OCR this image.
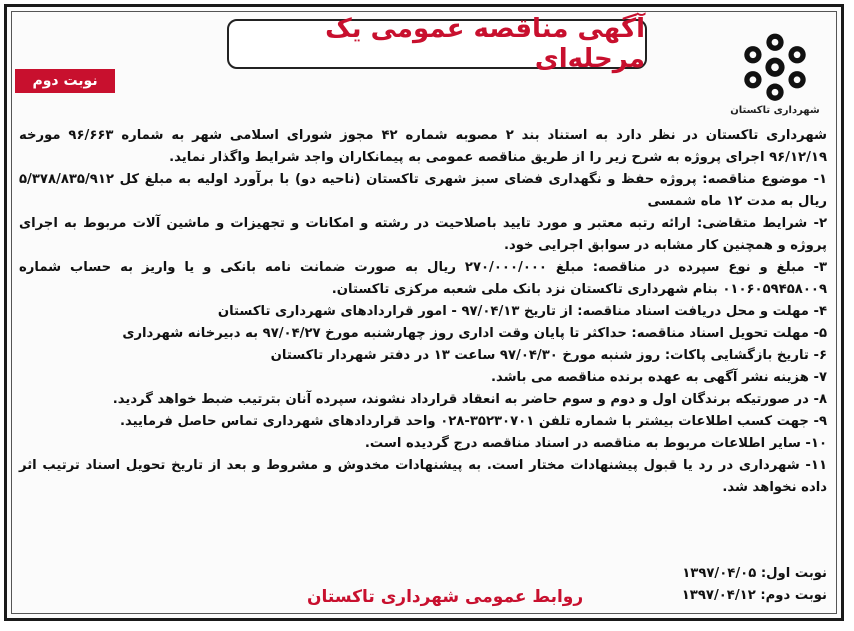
آگهی مناقصه عمومی یک مرحله‌ای
نوبت دوم
شهرداری تاکستان

شهرداری تاکستان در نظر دارد به استناد بند ۲ مصوبه شماره ۴۲ مجوز شورای اسلامی شهر به شماره ۹۶/۶۶۳ مورخه ۹۶/۱۲/۱۹ اجرای پروژه به شرح زیر را از طریق مناقصه عمومی به پیمانکاران واجد شرایط واگذار نماید.

۱- موضوع مناقصه: پروژه حفظ و نگهداری فضای سبز شهری تاکستان (ناحیه دو) با برآورد اولیه به مبلغ کل ۵/۳۷۸/۸۳۵/۹۱۲ ریال به مدت ۱۲ ماه شمسی

۲- شرایط متقاضی: ارائه رتبه معتبر و مورد تایید باصلاحیت در رشته و امکانات و تجهیزات و ماشین آلات مربوط به اجرای پروژه و همچنین کار مشابه در سوابق اجرایی خود.

۳- مبلغ و نوع سپرده در مناقصه: مبلغ ۲۷۰/۰۰۰/۰۰۰ ریال به صورت ضمانت نامه بانکی و یا واریز به حساب شماره ۰۱۰۶۰۵۹۴۵۸۰۰۹ بنام شهرداری تاکستان نزد بانک ملی شعبه مرکزی تاکستان.

۴- مهلت و محل دریافت اسناد مناقصه: از تاریخ ۹۷/۰۴/۱۳ - امور قراردادهای شهرداری تاکستان

۵- مهلت تحویل اسناد مناقصه: حداکثر تا پایان وقت اداری روز چهارشنبه مورخ ۹۷/۰۴/۲۷ به دبیرخانه شهرداری

۶- تاریخ بازگشایی پاکات: روز شنبه مورخ ۹۷/۰۴/۳۰ ساعت ۱۳ در دفتر شهردار تاکستان

۷- هزینه نشر آگهی به عهده برنده مناقصه می باشد.

۸- در صورتیکه برندگان اول و دوم و سوم حاضر به انعقاد قرارداد نشوند، سپرده آنان بترتیب ضبط خواهد گردید.

۹- جهت کسب اطلاعات بیشتر با شماره تلفن ۳۵۲۳۰۷۰۱-۰۲۸ واحد قراردادهای شهرداری تماس حاصل فرمایید.

۱۰- سایر اطلاعات مربوط به مناقصه در اسناد مناقصه درج گردیده است.

۱۱- شهرداری در رد یا قبول پیشنهادات مختار است. به پیشنهادات مخدوش و مشروط و بعد از تاریخ تحویل اسناد ترتیب اثر داده نخواهد شد.

نوبت اول: ۱۳۹۷/۰۴/۰۵
نوبت دوم: ۱۳۹۷/۰۴/۱۲
روابط عمومی شهرداری تاکستان
